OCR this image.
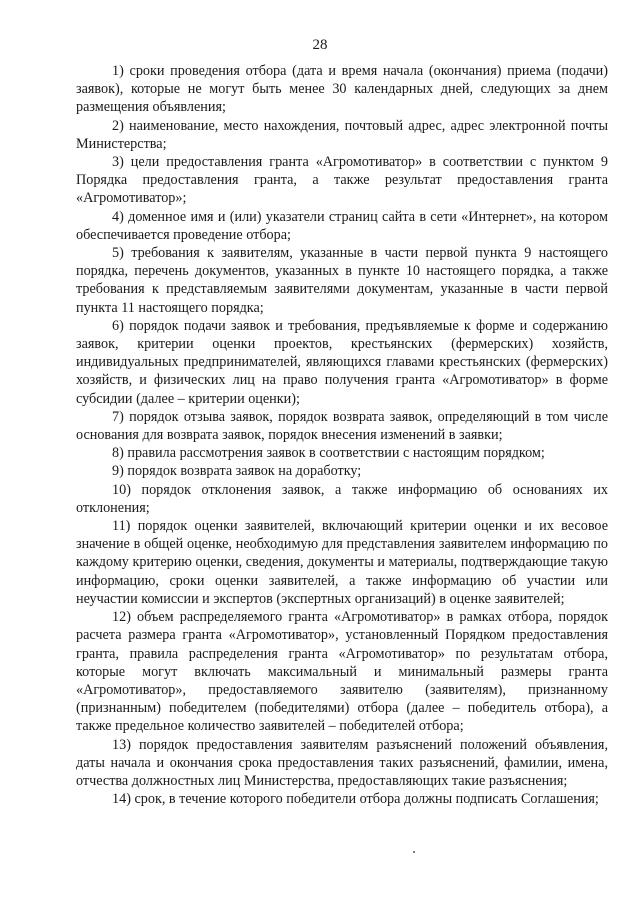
28

1) сроки проведения отбора (дата и время начала (окончания) приема (подачи) заявок), которые не могут быть менее 30 календарных дней, следующих за днем размещения объявления;

2) наименование, место нахождения, почтовый адрес, адрес электронной почты Министерства;

3) цели предоставления гранта «Агромотиватор» в соответствии с пунктом 9 Порядка предоставления гранта, а также результат предоставления гранта «Агромотиватор»;

4) доменное имя и (или) указатели страниц сайта в сети «Интернет», на котором обеспечивается проведение отбора;

5) требования к заявителям, указанные в части первой пункта 9 настоящего порядка, перечень документов, указанных в пункте 10 настоящего порядка, а также требования к представляемым заявителями документам, указанные в части первой пункта 11 настоящего порядка;

6) порядок подачи заявок и требования, предъявляемые к форме и содержанию заявок, критерии оценки проектов, крестьянских (фермерских) хозяйств, индивидуальных предпринимателей, являющихся главами крестьянских (фермерских) хозяйств, и физических лиц на право получения гранта «Агромотиватор» в форме субсидии (далее – критерии оценки);

7) порядок отзыва заявок, порядок возврата заявок, определяющий в том числе основания для возврата заявок, порядок внесения изменений в заявки;

8) правила рассмотрения заявок в соответствии с настоящим порядком;

9) порядок возврата заявок на доработку;

10) порядок отклонения заявок, а также информацию об основаниях их отклонения;

11) порядок оценки заявителей, включающий критерии оценки и их весовое значение в общей оценке, необходимую для представления заявителем информацию по каждому критерию оценки, сведения, документы и материалы, подтверждающие такую информацию, сроки оценки заявителей, а также информацию об участии или неучастии комиссии и экспертов (экспертных организаций) в оценке заявителей;

12) объем распределяемого гранта «Агромотиватор» в рамках отбора, порядок расчета размера гранта «Агромотиватор», установленный Порядком предоставления гранта, правила распределения гранта «Агромотиватор» по результатам отбора, которые могут включать максимальный и минимальный размеры гранта «Агромотиватор», предоставляемого заявителю (заявителям), признанному (признанным) победителем (победителями) отбора (далее – победитель отбора), а также предельное количество заявителей – победителей отбора;

13) порядок предоставления заявителям разъяснений положений объявления, даты начала и окончания срока предоставления таких разъяснений, фамилии, имена, отчества должностных лиц Министерства, предоставляющих такие разъяснения;

14) срок, в течение которого победители отбора должны подписать Соглашения;
